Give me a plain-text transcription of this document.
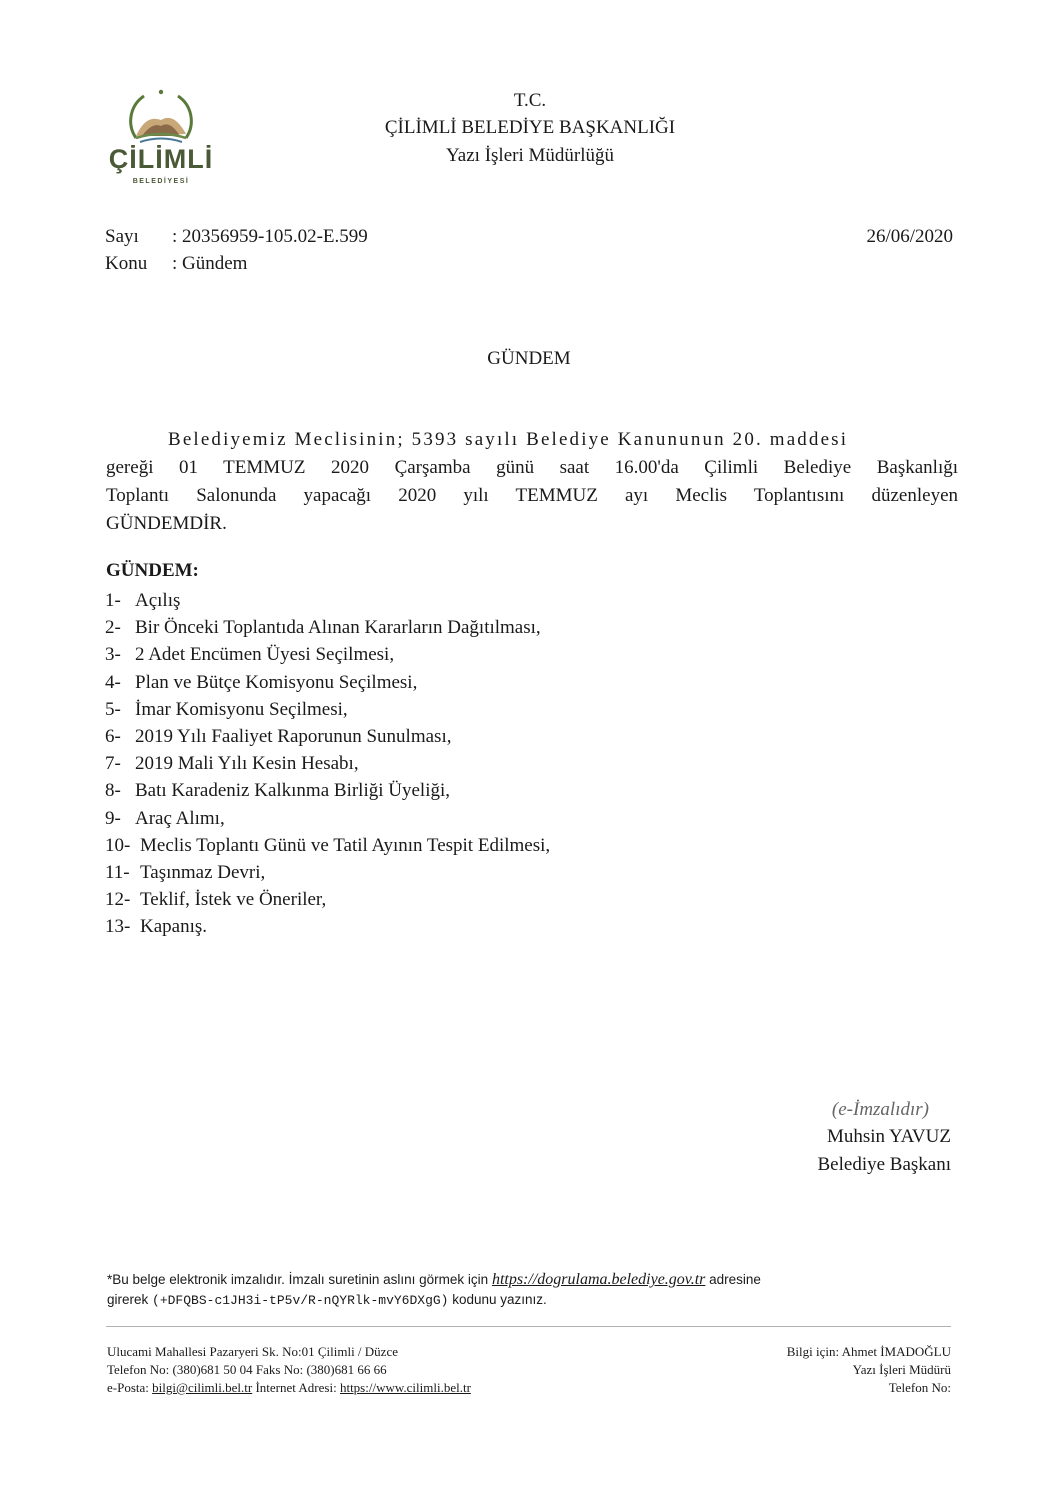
ÇİLİMLİ
BELEDİYESİ
T.C.
ÇİLİMLİ BELEDİYE BAŞKANLIĞI
Yazı İşleri Müdürlüğü
Sayı	: 20356959-105.02-E.599
Konu	: Gündem
26/06/2020
GÜNDEM
Belediyemiz Meclisinin; 5393 sayılı Belediye Kanununun 20. maddesi
gereği 01 TEMMUZ 2020 Çarşamba günü saat 16.00'da Çilimli Belediye Başkanlığı
Toplantı Salonunda yapacağı 2020 yılı TEMMUZ ayı Meclis Toplantısını düzenleyen
GÜNDEMDİR.
GÜNDEM:
1- Açılış
2- Bir Önceki Toplantıda Alınan Kararların Dağıtılması,
3- 2 Adet Encümen Üyesi Seçilmesi,
4- Plan ve Bütçe Komisyonu Seçilmesi,
5- İmar Komisyonu Seçilmesi,
6- 2019 Yılı Faaliyet Raporunun Sunulması,
7- 2019 Mali Yılı Kesin Hesabı,
8- Batı Karadeniz Kalkınma Birliği Üyeliği,
9- Araç Alımı,
10- Meclis Toplantı Günü ve Tatil Ayının Tespit Edilmesi,
11- Taşınmaz Devri,
12- Teklif, İstek ve Öneriler,
13- Kapanış.
(e-İmzalıdır)
Muhsin YAVUZ
Belediye Başkanı
*Bu belge elektronik imzalıdır. İmzalı suretinin aslını görmek için https://dogrulama.belediye.gov.tr adresine
girerek (+DFQBS-c1JH3i-tP5v/R-nQYRlk-mvY6DXgG) kodunu yazınız.
Ulucami Mahallesi Pazaryeri Sk. No:01 Çilimli / Düzce
Telefon No: (380)681 50 04 Faks No: (380)681 66 66
e-Posta: bilgi@cilimli.bel.tr İnternet Adresi: https://www.cilimli.bel.tr
Bilgi için: Ahmet İMADOĞLU
Yazı İşleri Müdürü
Telefon No:
